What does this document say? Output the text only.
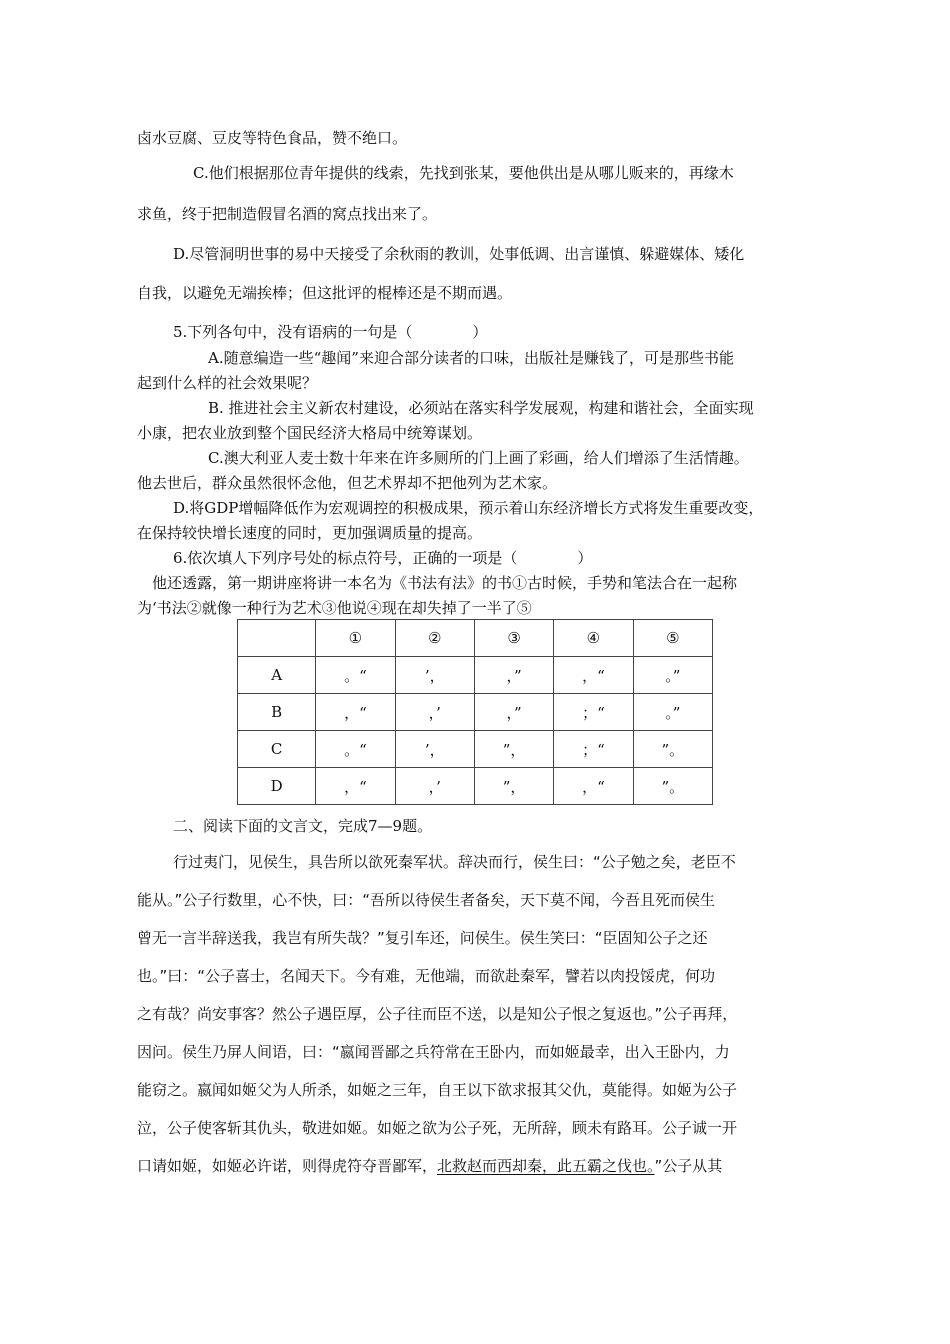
卤水豆腐、豆皮等特色食品，赞不绝口。
C.他们根据那位青年提供的线索，先找到张某，要他供出是从哪儿贩来的，再缘木
求鱼，终于把制造假冒名酒的窝点找出来了。
D.尽管洞明世事的易中天接受了余秋雨的教训，处事低调、出言谨慎、躲避媒体、矮化
自我，以避免无端挨棒；但这批评的棍棒还是不期而遇。
5.下列各句中，没有语病的一句是（　　　　）
A.随意编造一些“趣闻”来迎合部分读者的口味，出版社是赚钱了，可是那些书能
起到什么样的社会效果呢？
B. 推进社会主义新农村建设，必须站在落实科学发展观，构建和谐社会，全面实现
小康，把农业放到整个国民经济大格局中统筹谋划。
C.澳大利亚人麦士数十年来在许多厕所的门上画了彩画，给人们增添了生活情趣。
他去世后，群众虽然很怀念他，但艺术界却不把他列为艺术家。
D.将GDP增幅降低作为宏观调控的积极成果，预示着山东经济增长方式将发生重要改变，
在保持较快增长速度的同时，更加强调质量的提高。
6.依次填人下列序号处的标点符号，正确的一项是（　　　　）
他还透露，第一期讲座将讲一本名为《书法有法》的书①古时候，手势和笔法合在一起称
为‘书法②就像一种行为艺术③他说④现在却失掉了一半了⑤
	①	②	③	④	⑤
A	。“	’，	，”	，“	。”
B	，“	，’	，”	；“	。”
C	。“	’，	”，	；“	”。
D	，“	，’	”，	，“	”。
二、阅读下面的文言文，完成7—9题。
行过夷门，见侯生，具告所以欲死秦军状。辞决而行，侯生曰：“公子勉之矣，老臣不
能从。”公子行数里，心不快，曰：“吾所以待侯生者备矣，天下莫不闻，今吾且死而侯生
曾无一言半辞送我，我岂有所失哉？”复引车还，问侯生。侯生笑曰：“臣固知公子之还
也。”曰：“公子喜士，名闻天下。今有难，无他端，而欲赴秦军，譬若以肉投馁虎，何功
之有哉？尚安事客？然公子遇臣厚，公子往而臣不送，以是知公子恨之复返也。”公子再拜，
因问。侯生乃屏人间语，曰：“嬴闻晋鄙之兵符常在王卧内，而如姬最幸，出入王卧内，力
能窃之。嬴闻如姬父为人所杀，如姬之三年，自王以下欲求报其父仇，莫能得。如姬为公子
泣，公子使客斩其仇头，敬进如姬。如姬之欲为公子死，无所辞，顾未有路耳。公子诚一开
口请如姬，如姬必许诺，则得虎符夺晋鄙军，北救赵而西却秦，此五霸之伐也。”公子从其
